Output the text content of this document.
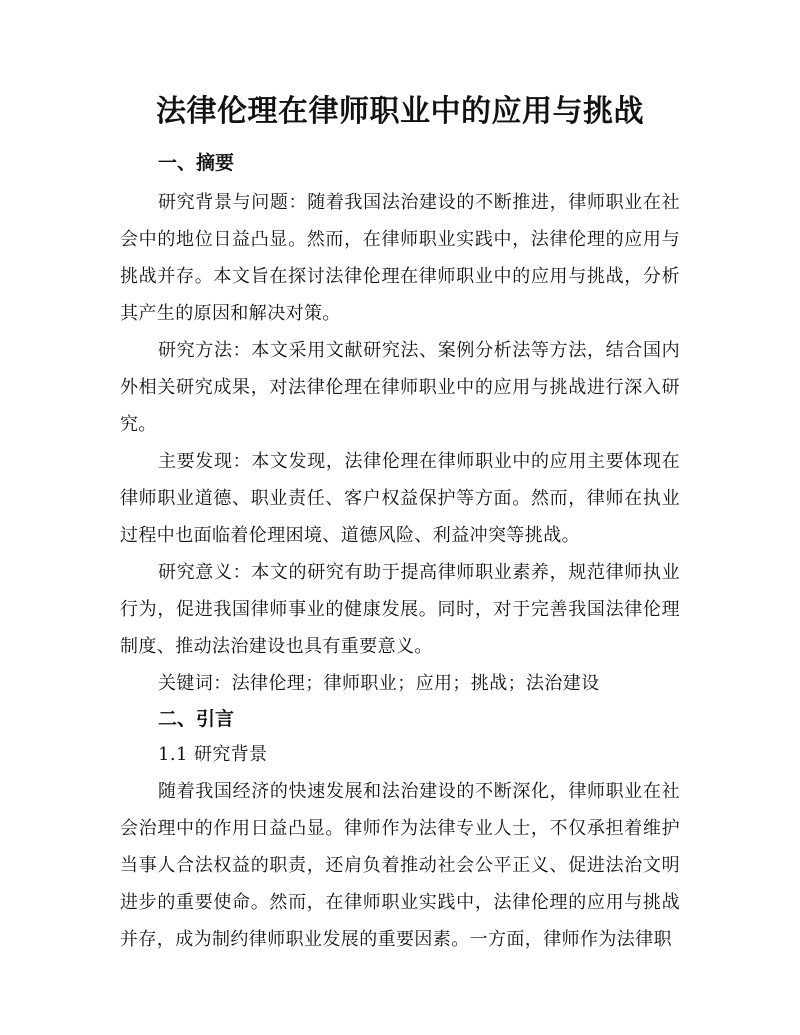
法律伦理在律师职业中的应用与挑战

一、摘要

研究背景与问题：随着我国法治建设的不断推进，律师职业在社会中的地位日益凸显。然而，在律师职业实践中，法律伦理的应用与挑战并存。本文旨在探讨法律伦理在律师职业中的应用与挑战，分析其产生的原因和解决对策。

研究方法：本文采用文献研究法、案例分析法等方法，结合国内外相关研究成果，对法律伦理在律师职业中的应用与挑战进行深入研究。

主要发现：本文发现，法律伦理在律师职业中的应用主要体现在律师职业道德、职业责任、客户权益保护等方面。然而，律师在执业过程中也面临着伦理困境、道德风险、利益冲突等挑战。

研究意义：本文的研究有助于提高律师职业素养，规范律师执业行为，促进我国律师事业的健康发展。同时，对于完善我国法律伦理制度、推动法治建设也具有重要意义。

关键词：法律伦理；律师职业；应用；挑战；法治建设

二、引言

1.1 研究背景

随着我国经济的快速发展和法治建设的不断深化，律师职业在社会治理中的作用日益凸显。律师作为法律专业人士，不仅承担着维护当事人合法权益的职责，还肩负着推动社会公平正义、促进法治文明进步的重要使命。然而，在律师职业实践中，法律伦理的应用与挑战并存，成为制约律师职业发展的重要因素。一方面，律师作为法律职
